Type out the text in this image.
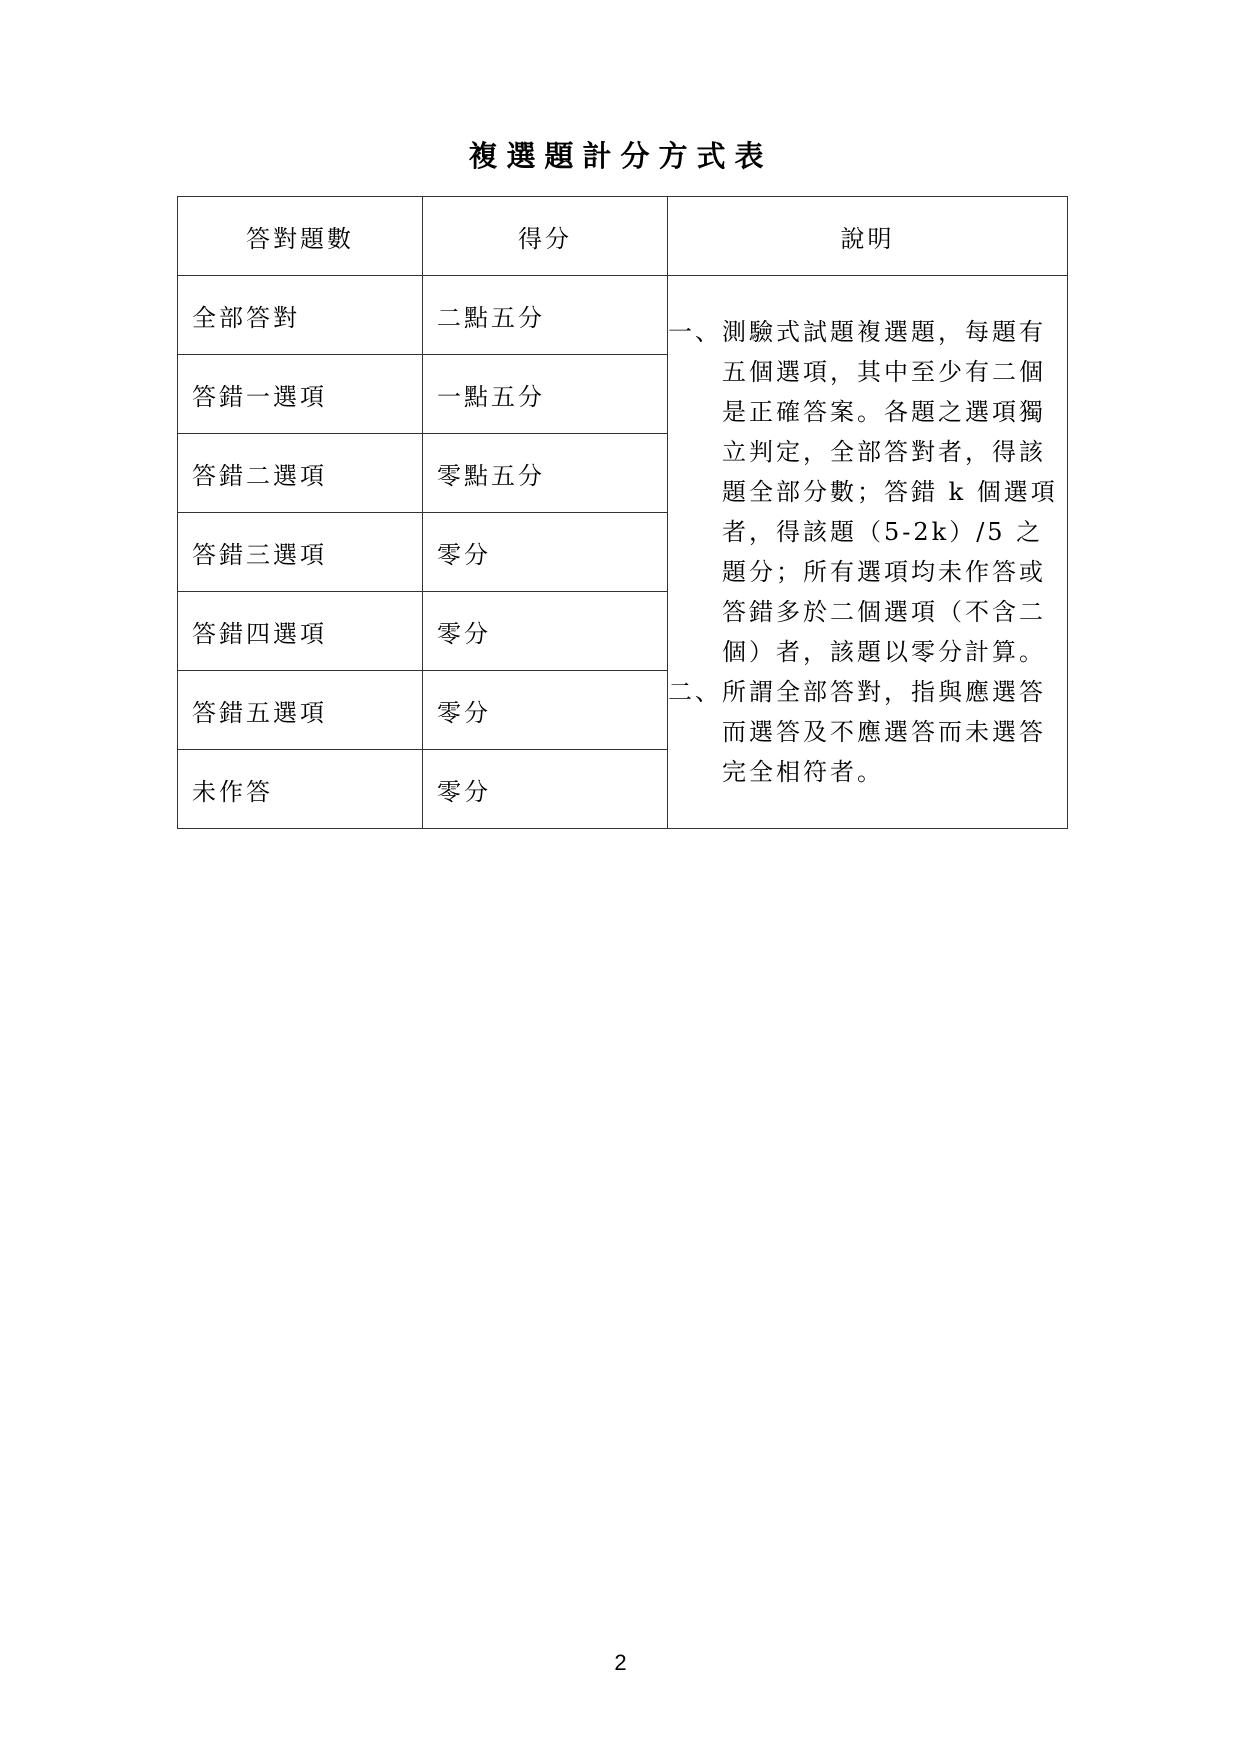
複選題計分方式表
答對題數	得分	說明
全部答對	二點五分	一、 測驗式試題複選題，每題有五個選項，其中至少有二個是正確答案。各題之選項獨立判定，全部答對者，得該題全部分數；答錯 k 個選項者，得該題（5-2k）/5 之題分；所有選項均未作答或答錯多於二個選項（不含二個）者，該題以零分計算。
二、 所謂全部答對，指與應選答而選答及不應選答而未選答完全相符者。

答錯一選項	一點五分	
答錯二選項	零點五分	
答錯三選項	零分	
答錯四選項	零分	
答錯五選項	零分	
未作答	零分	
2
